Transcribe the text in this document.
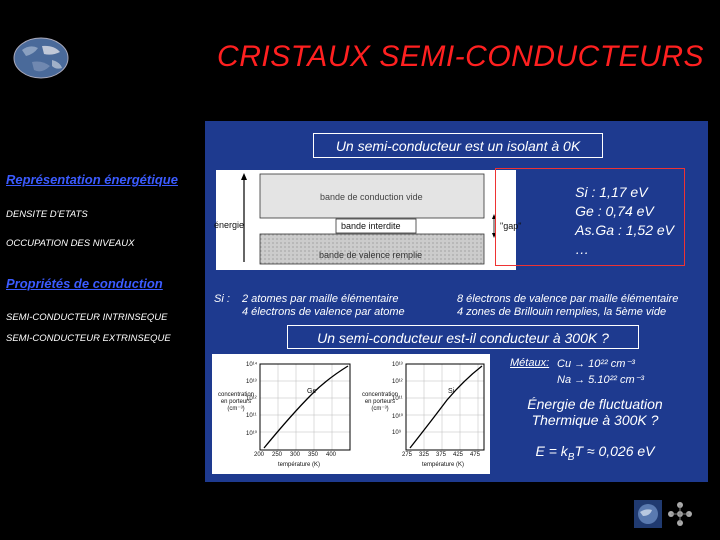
CRISTAUX SEMI-CONDUCTEURS
Représentation énergétique
DENSITE D'ETATS
OCCUPATION DES NIVEAUX
Propriétés de conduction
SEMI-CONDUCTEUR INTRINSEQUE
SEMI-CONDUCTEUR EXTRINSEQUE
Un semi-conducteur est un isolant à 0K
énergie
bande de conduction vide
bande interdite
bande de valence remplie
"gap"
Si : 1,17 eV
Ge : 0,74 eV
As.Ga : 1,52 eV
…
Si : 2 atomes par maille élémentaire
4 électrons de valence par atome
8 électrons de valence par maille élémentaire
4 zones de Brillouin remplies, la 5ème vide
Un semi-conducteur est-il conducteur à 300K ?
concentration en porteurs (cm⁻³)
température (K)
Ge	concentration en porteurs (cm⁻³)
température (K)
Si
10¹⁴
10¹³
10¹²
10¹¹
10¹⁰
200 250 300 350 400
10¹³
10¹²
10¹¹
10¹⁰
10⁹
275 325 375 425 475
Métaux: Cu → 10²² cm⁻³
Na → 5.10²² cm⁻³
Énergie de fluctuation
Thermique à 300K ?
$E = k_BT \approx 0,026$ eV
